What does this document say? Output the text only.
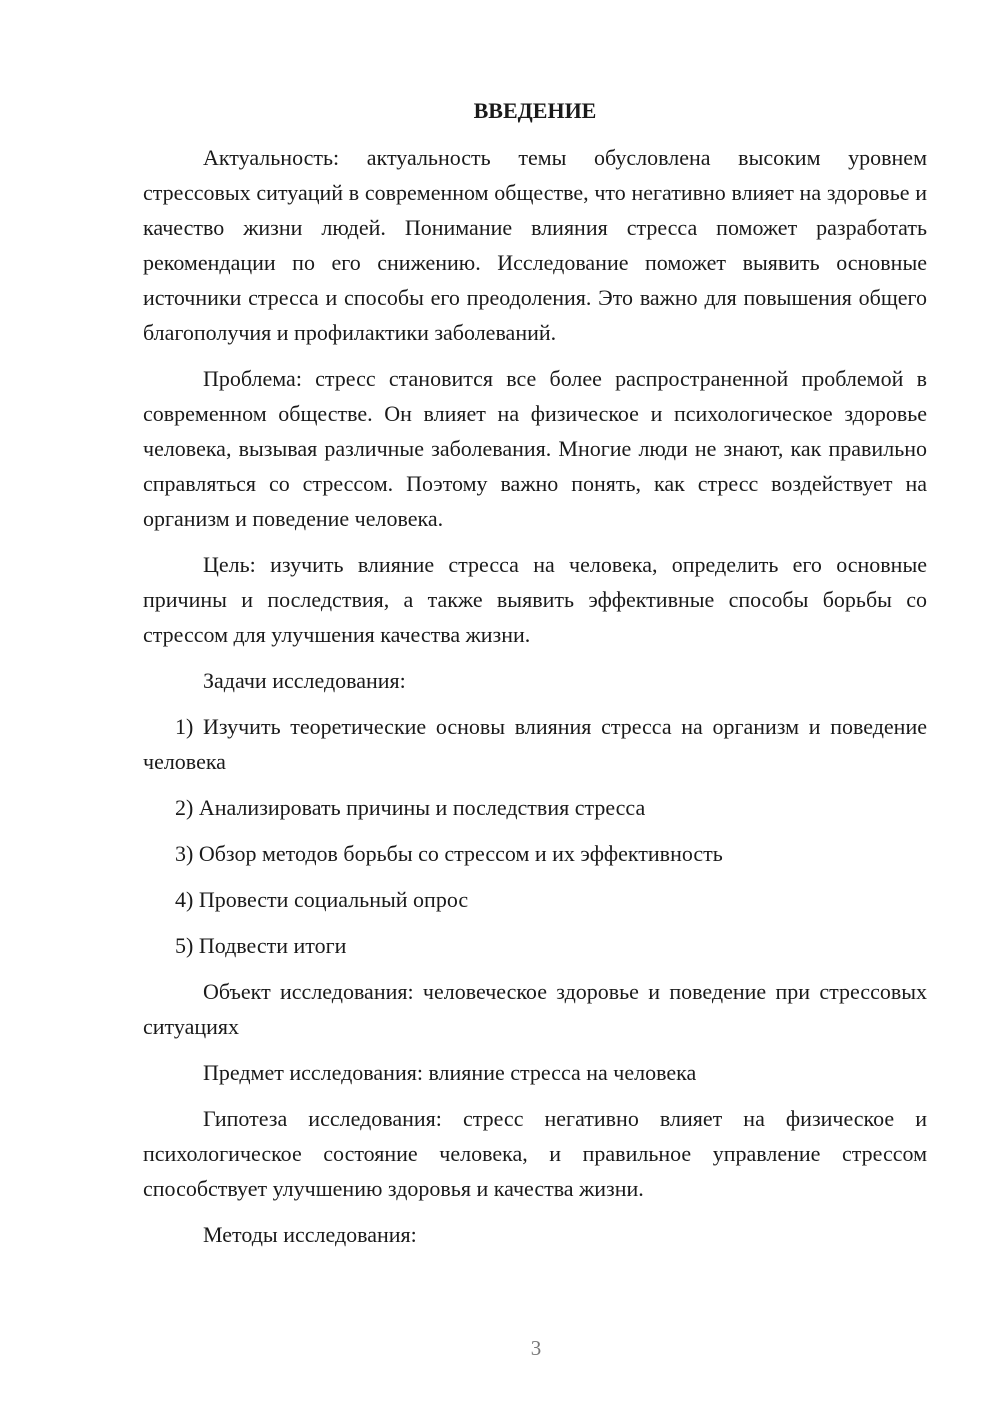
ВВЕДЕНИЕ

Актуальность: актуальность темы обусловлена высоким уровнем стрессовых ситуаций в современном обществе, что негативно влияет на здоровье и качество жизни людей. Понимание влияния стресса поможет разработать рекомендации по его снижению. Исследование поможет выявить основные источники стресса и способы его преодоления. Это важно для повышения общего благополучия и профилактики заболеваний.

Проблема: стресс становится все более распространенной проблемой в современном обществе. Он влияет на физическое и психологическое здоровье человека, вызывая различные заболевания. Многие люди не знают, как правильно справляться со стрессом. Поэтому важно понять, как стресс воздействует на организм и поведение человека.

Цель: изучить влияние стресса на человека, определить его основные причины и последствия, а также выявить эффективные способы борьбы со стрессом для улучшения качества жизни.

Задачи исследования:

1) Изучить теоретические основы влияния стресса на организм и поведение человека

2) Анализировать причины и последствия стресса

3) Обзор методов борьбы со стрессом и их эффективность

4) Провести социальный опрос

5) Подвести итоги

Объект исследования: человеческое здоровье и поведение при стрессовых ситуациях

Предмет исследования: влияние стресса на человека

Гипотеза исследования: стресс негативно влияет на физическое и психологическое состояние человека, и правильное управление стрессом способствует улучшению здоровья и качества жизни.

Методы исследования:

3
